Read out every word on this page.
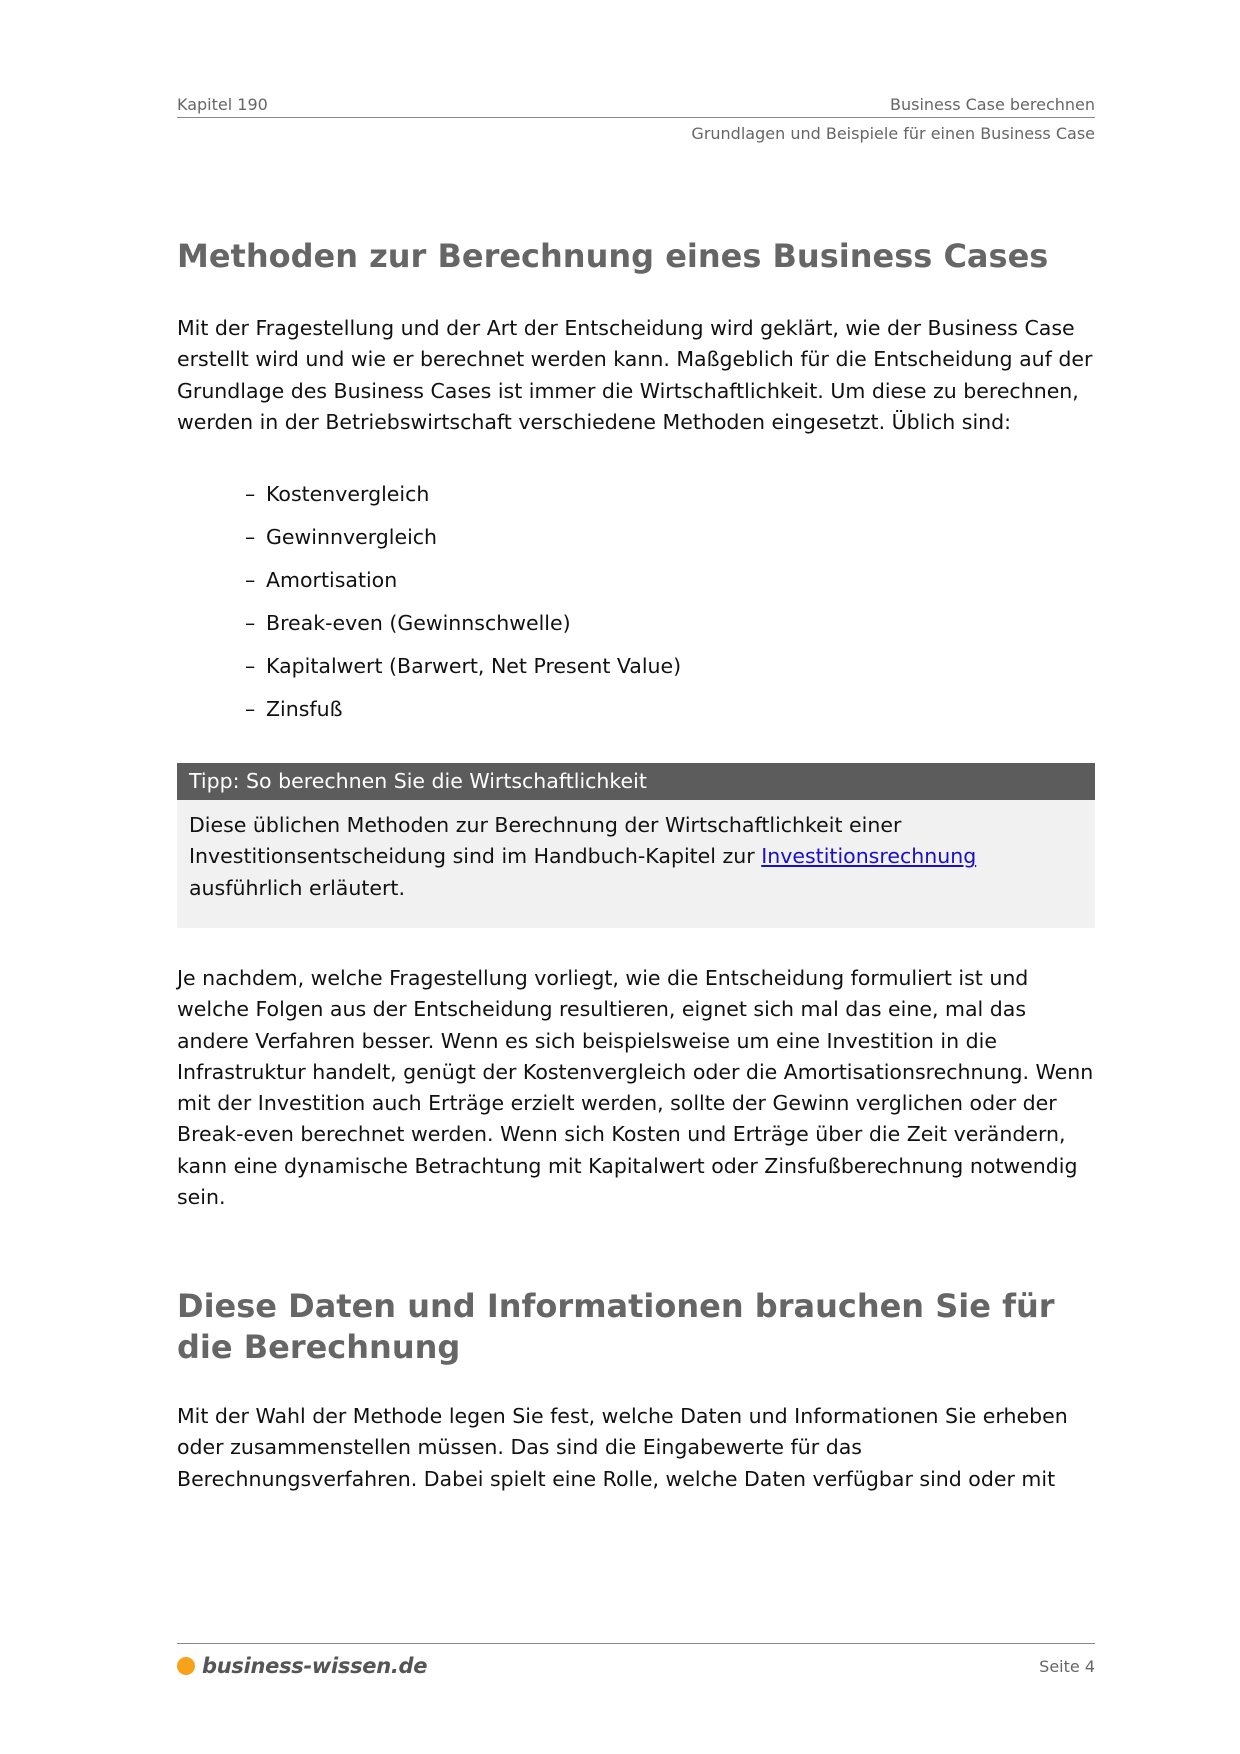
Kapitel 190	Business Case berechnen
Grundlagen und Beispiele für einen Business Case
Methoden zur Berechnung eines Business Cases

Mit der Fragestellung und der Art der Entscheidung wird geklärt, wie der Business Case erstellt wird und wie er berechnet werden kann. Maßgeblich für die Entscheidung auf der Grundlage des Business Cases ist immer die Wirtschaftlichkeit. Um diese zu berechnen, werden in der Betriebswirtschaft verschiedene Methoden eingesetzt. Üblich sind:

– Kostenvergleich
– Gewinnvergleich
– Amortisation
– Break-even (Gewinnschwelle)
– Kapitalwert (Barwert, Net Present Value)
– Zinsfuß
Tipp: So berechnen Sie die Wirtschaftlichkeit
Diese üblichen Methoden zur Berechnung der Wirtschaftlichkeit einer Investitionsentscheidung sind im Handbuch-Kapitel zur Investitionsrechnung ausführlich erläutert.

Je nachdem, welche Fragestellung vorliegt, wie die Entscheidung formuliert ist und welche Folgen aus der Entscheidung resultieren, eignet sich mal das eine, mal das andere Verfahren besser. Wenn es sich beispielsweise um eine Investition in die Infrastruktur handelt, genügt der Kostenvergleich oder die Amortisationsrechnung. Wenn mit der Investition auch Erträge erzielt werden, sollte der Gewinn verglichen oder der Break-even berechnet werden. Wenn sich Kosten und Erträge über die Zeit verändern, kann eine dynamische Betrachtung mit Kapitalwert oder Zinsfußberechnung notwendig sein.

Diese Daten und Informationen brauchen Sie für die Berechnung

Mit der Wahl der Methode legen Sie fest, welche Daten und Informationen Sie erheben oder zusammenstellen müssen. Das sind die Eingabewerte für das Berechnungsverfahren. Dabei spielt eine Rolle, welche Daten verfügbar sind oder mit

business-wissen.de	Seite 4
